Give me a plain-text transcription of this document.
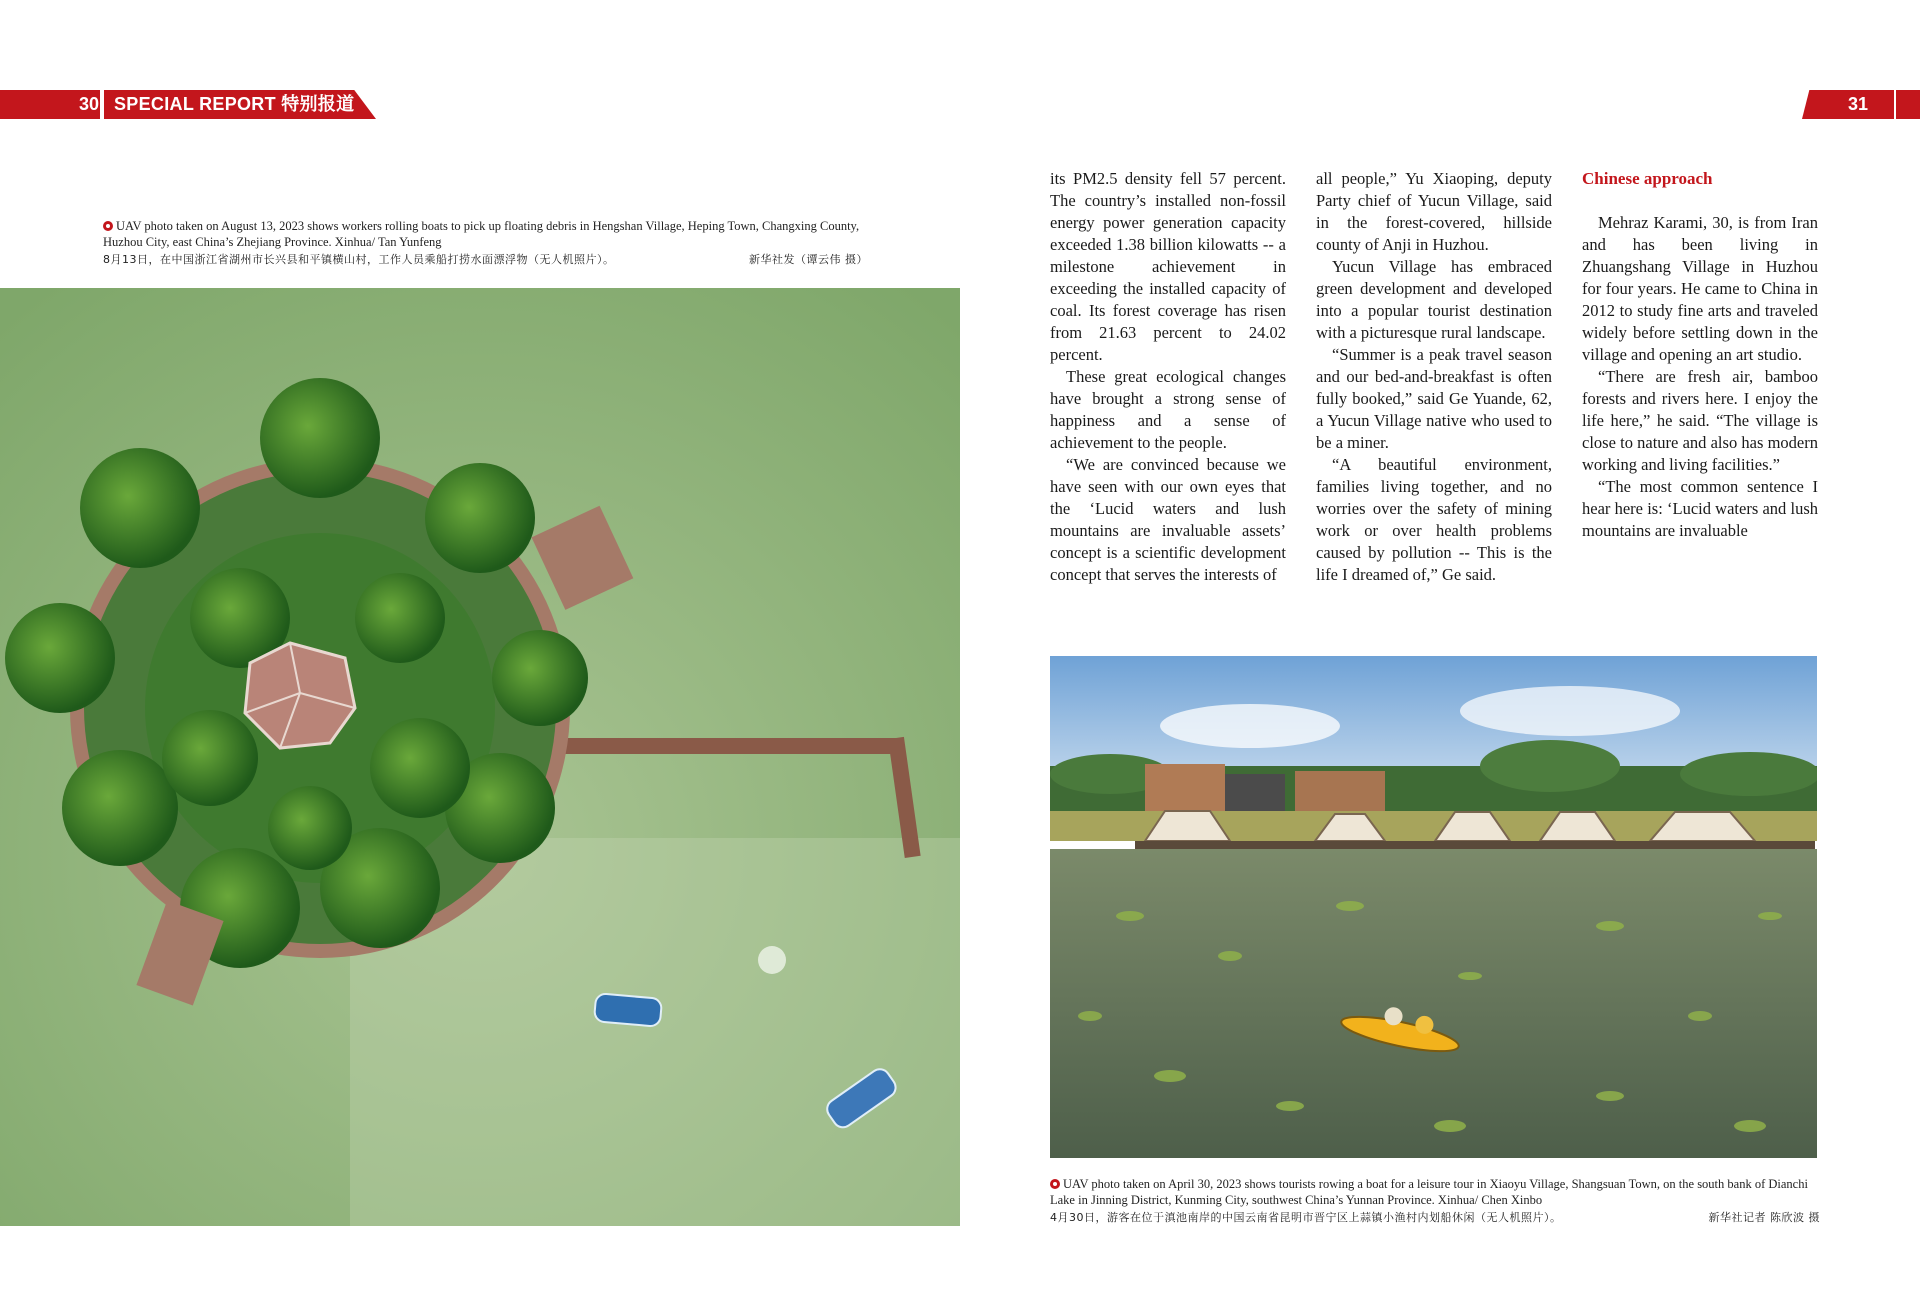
30 SPECIAL REPORT 特别报道	31
UAV photo taken on August 13, 2023 shows workers rolling boats to pick up floating debris in Hengshan Village, Heping Town, Changxing County, Huzhou City, east China’s Zhejiang Province. Xinhua/ Tan Yunfeng
8月13日，在中国浙江省湖州市长兴县和平镇横山村，工作人员乘船打捞水面漂浮物（无人机照片）。	新华社发（谭云伟 摄）

its PM2.5 density fell 57 percent. The country’s installed non-fossil energy power generation capacity exceeded 1.38 billion kilowatts -- a milestone achievement in exceeding the installed capacity of coal. Its forest coverage has risen from 21.63 percent to 24.02 percent.

These great ecological changes have brought a strong sense of happiness and a sense of achievement to the people.

“We are convinced because we have seen with our own eyes that the ‘Lucid waters and lush mountains are invaluable assets’ concept is a scientific development concept that serves the interests of

all people,” Yu Xiaoping, deputy Party chief of Yucun Village, said in the forest-covered, hillside county of Anji in Huzhou.

Yucun Village has embraced green development and developed into a popular tourist destination with a picturesque rural landscape.

“Summer is a peak travel season and our bed-and-breakfast is often fully booked,” said Ge Yuande, 62, a Yucun Village native who used to be a miner.

“A beautiful environment, families living together, and no worries over the safety of mining work or over health problems caused by pollution -- This is the life I dreamed of,” Ge said.

Chinese approach

Mehraz Karami, 30, is from Iran and has been living in Zhuangshang Village in Huzhou for four years. He came to China in 2012 to study fine arts and traveled widely before settling down in the village and opening an art studio.

“There are fresh air, bamboo forests and rivers here. I enjoy the life here,” he said. “The village is close to nature and also has modern working and living facilities.”

“The most common sentence I hear here is: ‘Lucid waters and lush mountains are invaluable

UAV photo taken on April 30, 2023 shows tourists rowing a boat for a leisure tour in Xiaoyu Village, Shangsuan Town, on the south bank of Dianchi Lake in Jinning District, Kunming City, southwest China’s Yunnan Province. Xinhua/ Chen Xinbo
4月30日，游客在位于滇池南岸的中国云南省昆明市晋宁区上蒜镇小渔村内划船休闲（无人机照片）。	新华社记者 陈欣波 摄
